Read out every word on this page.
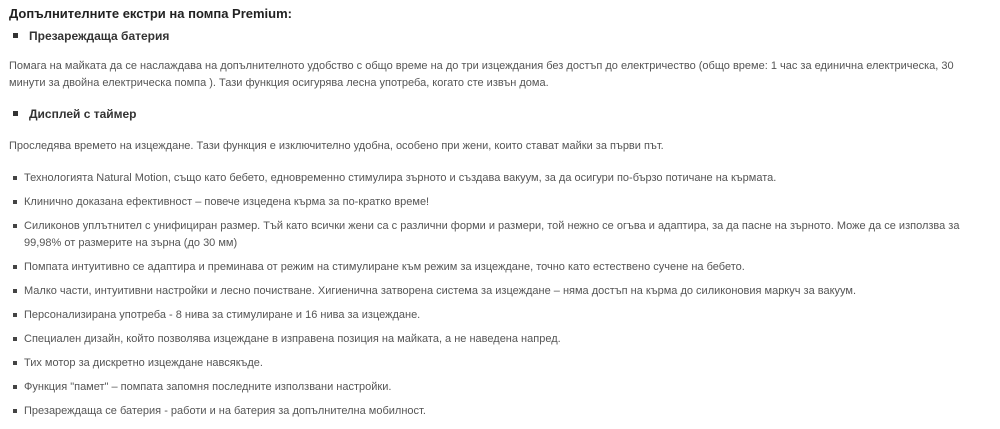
Допълнителните екстри на помпа Premium:
Презареждаща батерия
Помага на майката да се наслаждава на допълнителното удобство с общо време на до три изцеждания без достъп до електричество (общо време: 1 час за единична електрическа, 30 минути за двойна електрическа помпа ). Тази функция осигурява лесна употреба, когато сте извън дома.
Дисплей с таймер
Проследява времето на изцеждане. Тази функция е изключително удобна, особено при жени, които стават майки за първи път.
Технологията Natural Motion, също като бебето, едновременно стимулира зърното и създава вакуум, за да осигури по-бързо потичане на кърмата.
Клинично доказана ефективност – повече изцедена кърма за по-кратко време!
Силиконов уплътнител с унифициран размер. Тъй като всички жени са с различни форми и размери, той нежно се огъва и адаптира, за да пасне на зърното. Може да се използва за 99,98% от размерите на зърна (до 30 мм)
Помпата интуитивно се адаптира и преминава от режим на стимулиране към режим за изцеждане, точно като естествено сучене на бебето.
Малко части, интуитивни настройки и лесно почистване. Хигиенична затворена система за изцеждане – няма достъп на кърма до силиконовия маркуч за вакуум.
Персонализирана употреба - 8 нива за стимулиране и 16 нива за изцеждане.
Специален дизайн, който позволява изцеждане в изправена позиция на майката, а не наведена напред.
Тих мотор за дискретно изцеждане навсякъде.
Функция "памет" – помпата запомня последните използвани настройки.
Презареждаща се батерия - работи и на батерия за допълнителна мобилност.
